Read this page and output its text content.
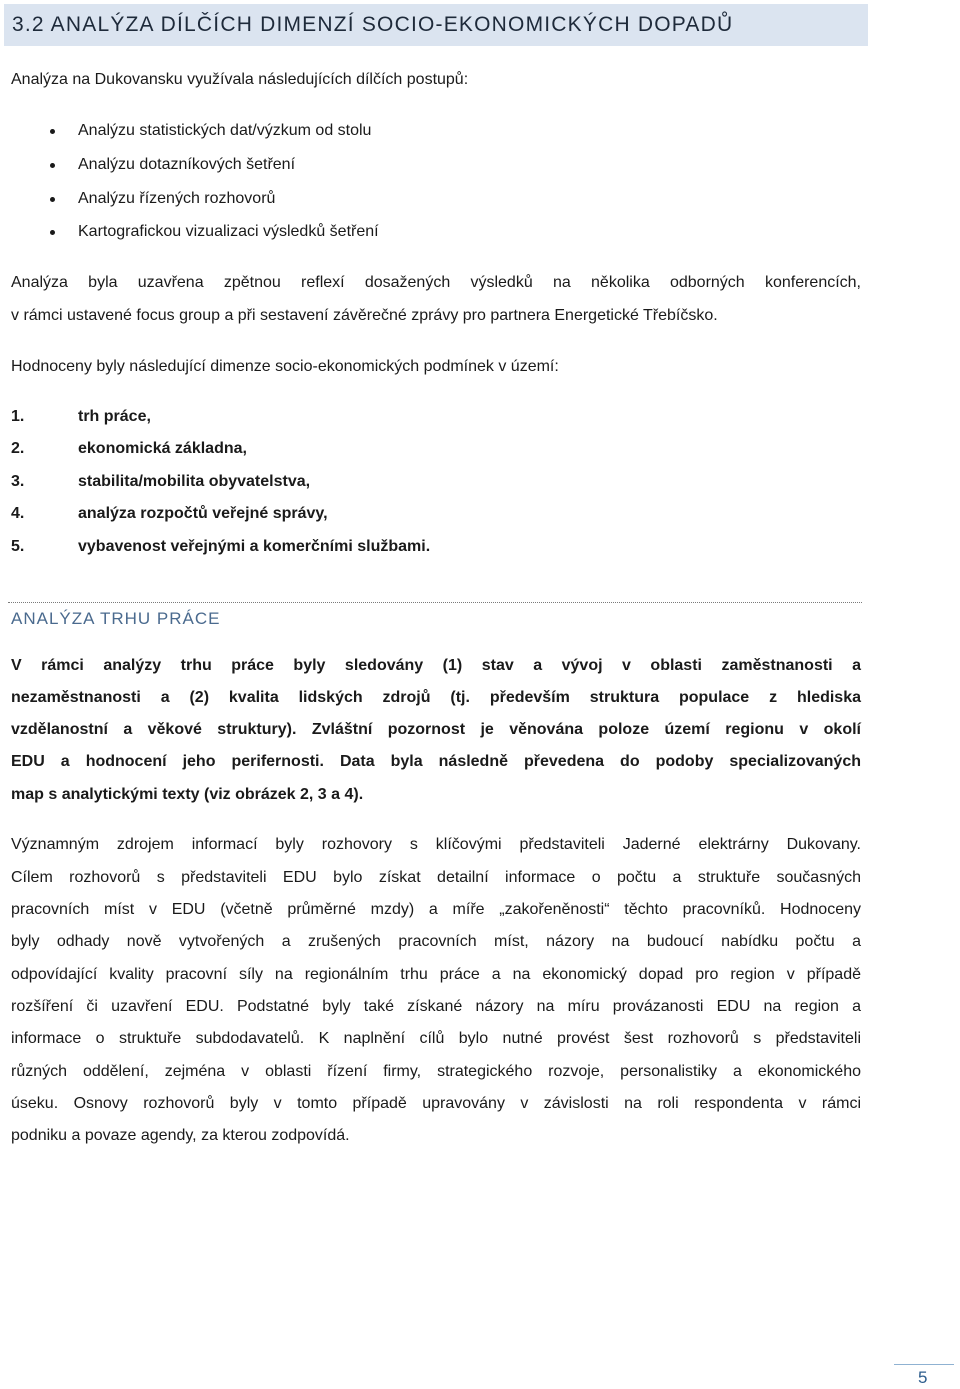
3.2 ANALÝZA DÍLČÍCH DIMENZÍ SOCIO-EKONOMICKÝCH DOPADŮ

Analýza na Dukovansku využívala následujících dílčích postupů:

Analýzu statistických dat/výzkum od stolu
Analýzu dotazníkových šetření
Analýzu řízených rozhovorů
Kartografickou vizualizaci výsledků šetření

Analýza byla uzavřena zpětnou reflexí dosažených výsledků na několika odborných konferencích,

v rámci ustavené focus group a při sestavení závěrečné zprávy pro partnera Energetické Třebíčsko.

Hodnoceny byly následující dimenze socio-ekonomických podmínek v území:

1.	trh práce,
2.	ekonomická základna,
3.	stabilita/mobilita obyvatelstva,
4.	analýza rozpočtů veřejné správy,
5.	vybavenost veřejnými a komerčními službami.
ANALÝZA TRHU PRÁCE

V rámci analýzy trhu práce byly sledovány (1) stav a vývoj v oblasti zaměstnanosti a

nezaměstnanosti a (2) kvalita lidských zdrojů (tj. především struktura populace z hlediska

vzdělanostní a věkové struktury). Zvláštní pozornost je věnována poloze území regionu v okolí

EDU a hodnocení jeho perifernosti. Data byla následně převedena do podoby specializovaných

map s analytickými texty (viz obrázek 2, 3 a 4).

Významným zdrojem informací byly rozhovory s klíčovými představiteli Jaderné elektrárny Dukovany.

Cílem rozhovorů s představiteli EDU bylo získat detailní informace o počtu a struktuře současných

pracovních míst v EDU (včetně průměrné mzdy) a míře „zakořeněnosti“ těchto pracovníků. Hodnoceny

byly odhady nově vytvořených a zrušených pracovních míst, názory na budoucí nabídku počtu a

odpovídající kvality pracovní síly na regionálním trhu práce a na ekonomický dopad pro region v případě

rozšíření či uzavření EDU. Podstatné byly také získané názory na míru provázanosti EDU na region a

informace o struktuře subdodavatelů. K naplnění cílů bylo nutné provést šest rozhovorů s představiteli

různých oddělení, zejména v oblasti řízení firmy, strategického rozvoje, personalistiky a ekonomického

úseku. Osnovy rozhovorů byly v tomto případě upravovány v závislosti na roli respondenta v rámci

podniku a povaze agendy, za kterou zodpovídá.

5
